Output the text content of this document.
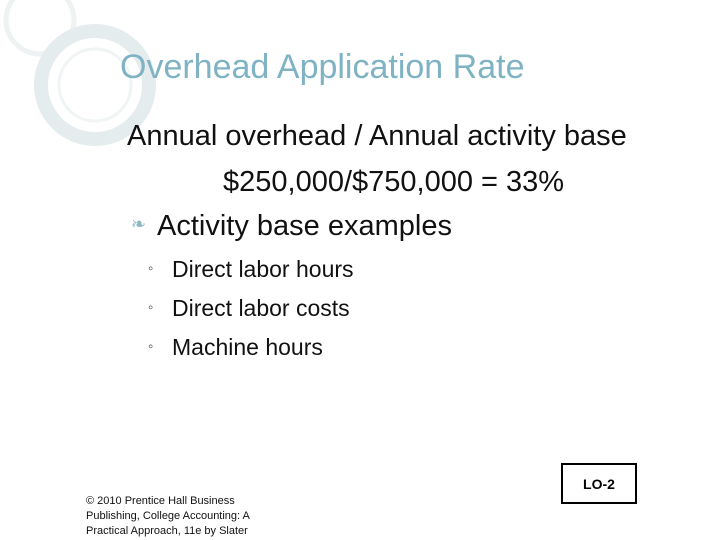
Overhead Application Rate
Annual overhead / Annual activity base
$250,000/$750,000 = 33%
❧ Activity base examples
◦ Direct labor hours
◦ Direct labor costs
◦ Machine hours
© 2010 Prentice Hall Business
Publishing, College Accounting: A
Practical Approach, 11e by Slater
LO-2
